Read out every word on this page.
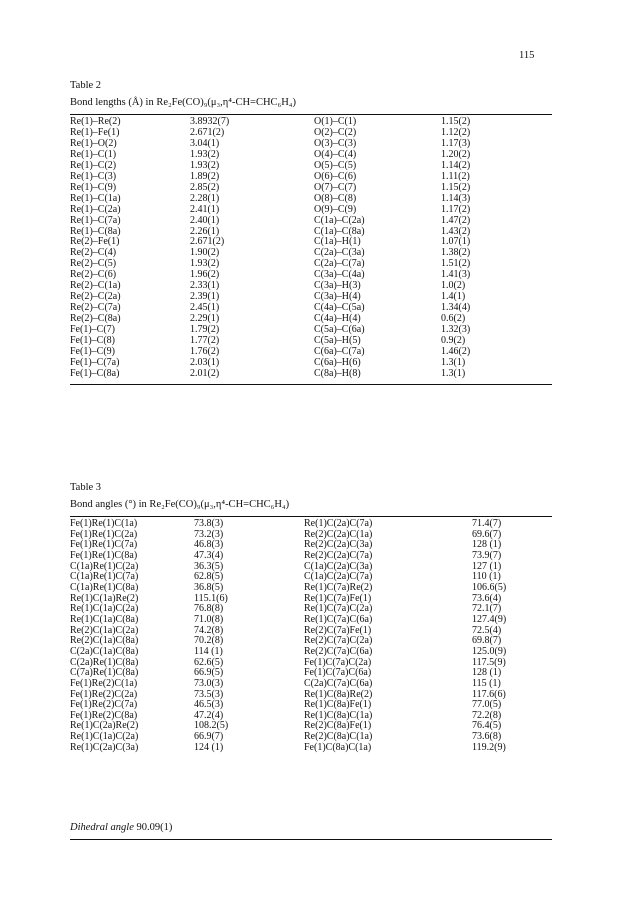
115
Table 2
Bond lengths (Å) in Re₂Fe(CO)₉(μ₃,η⁴-CH=CHC₆H₄)
Re(1)–Re(2)	3.8932(7)	O(1)–C(1)	1.15(2)
Re(1)–Fe(1)	2.671(2)	O(2)–C(2)	1.12(2)
Re(1)–O(2)	3.04(1)	O(3)–C(3)	1.17(3)
Re(1)–C(1)	1.93(2)	O(4)–C(4)	1.20(2)
Re(1)–C(2)	1.93(2)	O(5)–C(5)	1.14(2)
Re(1)–C(3)	1.89(2)	O(6)–C(6)	1.11(2)
Re(1)–C(9)	2.85(2)	O(7)–C(7)	1.15(2)
Re(1)–C(1a)	2.28(1)	O(8)–C(8)	1.14(3)
Re(1)–C(2a)	2.41(1)	O(9)–C(9)	1.17(2)
Re(1)–C(7a)	2.40(1)	C(1a)–C(2a)	1.47(2)
Re(1)–C(8a)	2.26(1)	C(1a)–C(8a)	1.43(2)
Re(2)–Fe(1)	2.671(2)	C(1a)–H(1)	1.07(1)
Re(2)–C(4)	1.90(2)	C(2a)–C(3a)	1.38(2)
Re(2)–C(5)	1.93(2)	C(2a)–C(7a)	1.51(2)
Re(2)–C(6)	1.96(2)	C(3a)–C(4a)	1.41(3)
Re(2)–C(1a)	2.33(1)	C(3a)–H(3)	1.0(2)
Re(2)–C(2a)	2.39(1)	C(3a)–H(4)	1.4(1)
Re(2)–C(7a)	2.45(1)	C(4a)–C(5a)	1.34(4)
Re(2)–C(8a)	2.29(1)	C(4a)–H(4)	0.6(2)
Fe(1)–C(7)	1.79(2)	C(5a)–C(6a)	1.32(3)
Fe(1)–C(8)	1.77(2)	C(5a)–H(5)	0.9(2)
Fe(1)–C(9)	1.76(2)	C(6a)–C(7a)	1.46(2)
Fe(1)–C(7a)	2.03(1)	C(6a)–H(6)	1.3(1)
Fe(1)–C(8a)	2.01(2)	C(8a)–H(8)	1.3(1)
Table 3
Bond angles (°) in Re₂Fe(CO)₉(μ₃,η⁴-CH=CHC₆H₄)
Fe(1)Re(1)C(1a)	73.8(3)	Re(1)C(2a)C(7a)	71.4(7)
Fe(1)Re(1)C(2a)	73.2(3)	Re(2)C(2a)C(1a)	69.6(7)
Fe(1)Re(1)C(7a)	46.8(3)	Re(2)C(2a)C(3a)	128 (1)
Fe(1)Re(1)C(8a)	47.3(4)	Re(2)C(2a)C(7a)	73.9(7)
C(1a)Re(1)C(2a)	36.3(5)	C(1a)C(2a)C(3a)	127 (1)
C(1a)Re(1)C(7a)	62.8(5)	C(1a)C(2a)C(7a)	110 (1)
C(1a)Re(1)C(8a)	36.8(5)	Re(1)C(7a)Re(2)	106.6(5)
Re(1)C(1a)Re(2)	115.1(6)	Re(1)C(7a)Fe(1)	73.6(4)
Re(1)C(1a)C(2a)	76.8(8)	Re(1)C(7a)C(2a)	72.1(7)
Re(1)C(1a)C(8a)	71.0(8)	Re(1)C(7a)C(6a)	127.4(9)
Re(2)C(1a)C(2a)	74.2(8)	Re(2)C(7a)Fe(1)	72.5(4)
Re(2)C(1a)C(8a)	70.2(8)	Re(2)C(7a)C(2a)	69.8(7)
C(2a)C(1a)C(8a)	114 (1)	Re(2)C(7a)C(6a)	125.0(9)
C(2a)Re(1)C(8a)	62.6(5)	Fe(1)C(7a)C(2a)	117.5(9)
C(7a)Re(1)C(8a)	66.9(5)	Fe(1)C(7a)C(6a)	128 (1)
Fe(1)Re(2)C(1a)	73.0(3)	C(2a)C(7a)C(6a)	115 (1)
Fe(1)Re(2)C(2a)	73.5(3)	Re(1)C(8a)Re(2)	117.6(6)
Fe(1)Re(2)C(7a)	46.5(3)	Re(1)C(8a)Fe(1)	77.0(5)
Fe(1)Re(2)C(8a)	47.2(4)	Re(1)C(8a)C(1a)	72.2(8)
Re(1)C(2a)Re(2)	108.2(5)	Re(2)C(8a)Fe(1)	76.4(5)
Re(1)C(1a)C(2a)	66.9(7)	Re(2)C(8a)C(1a)	73.6(8)
Re(1)C(2a)C(3a)	124 (1)	Fe(1)C(8a)C(1a)	119.2(9)
Dihedral angle 90.09(1)
